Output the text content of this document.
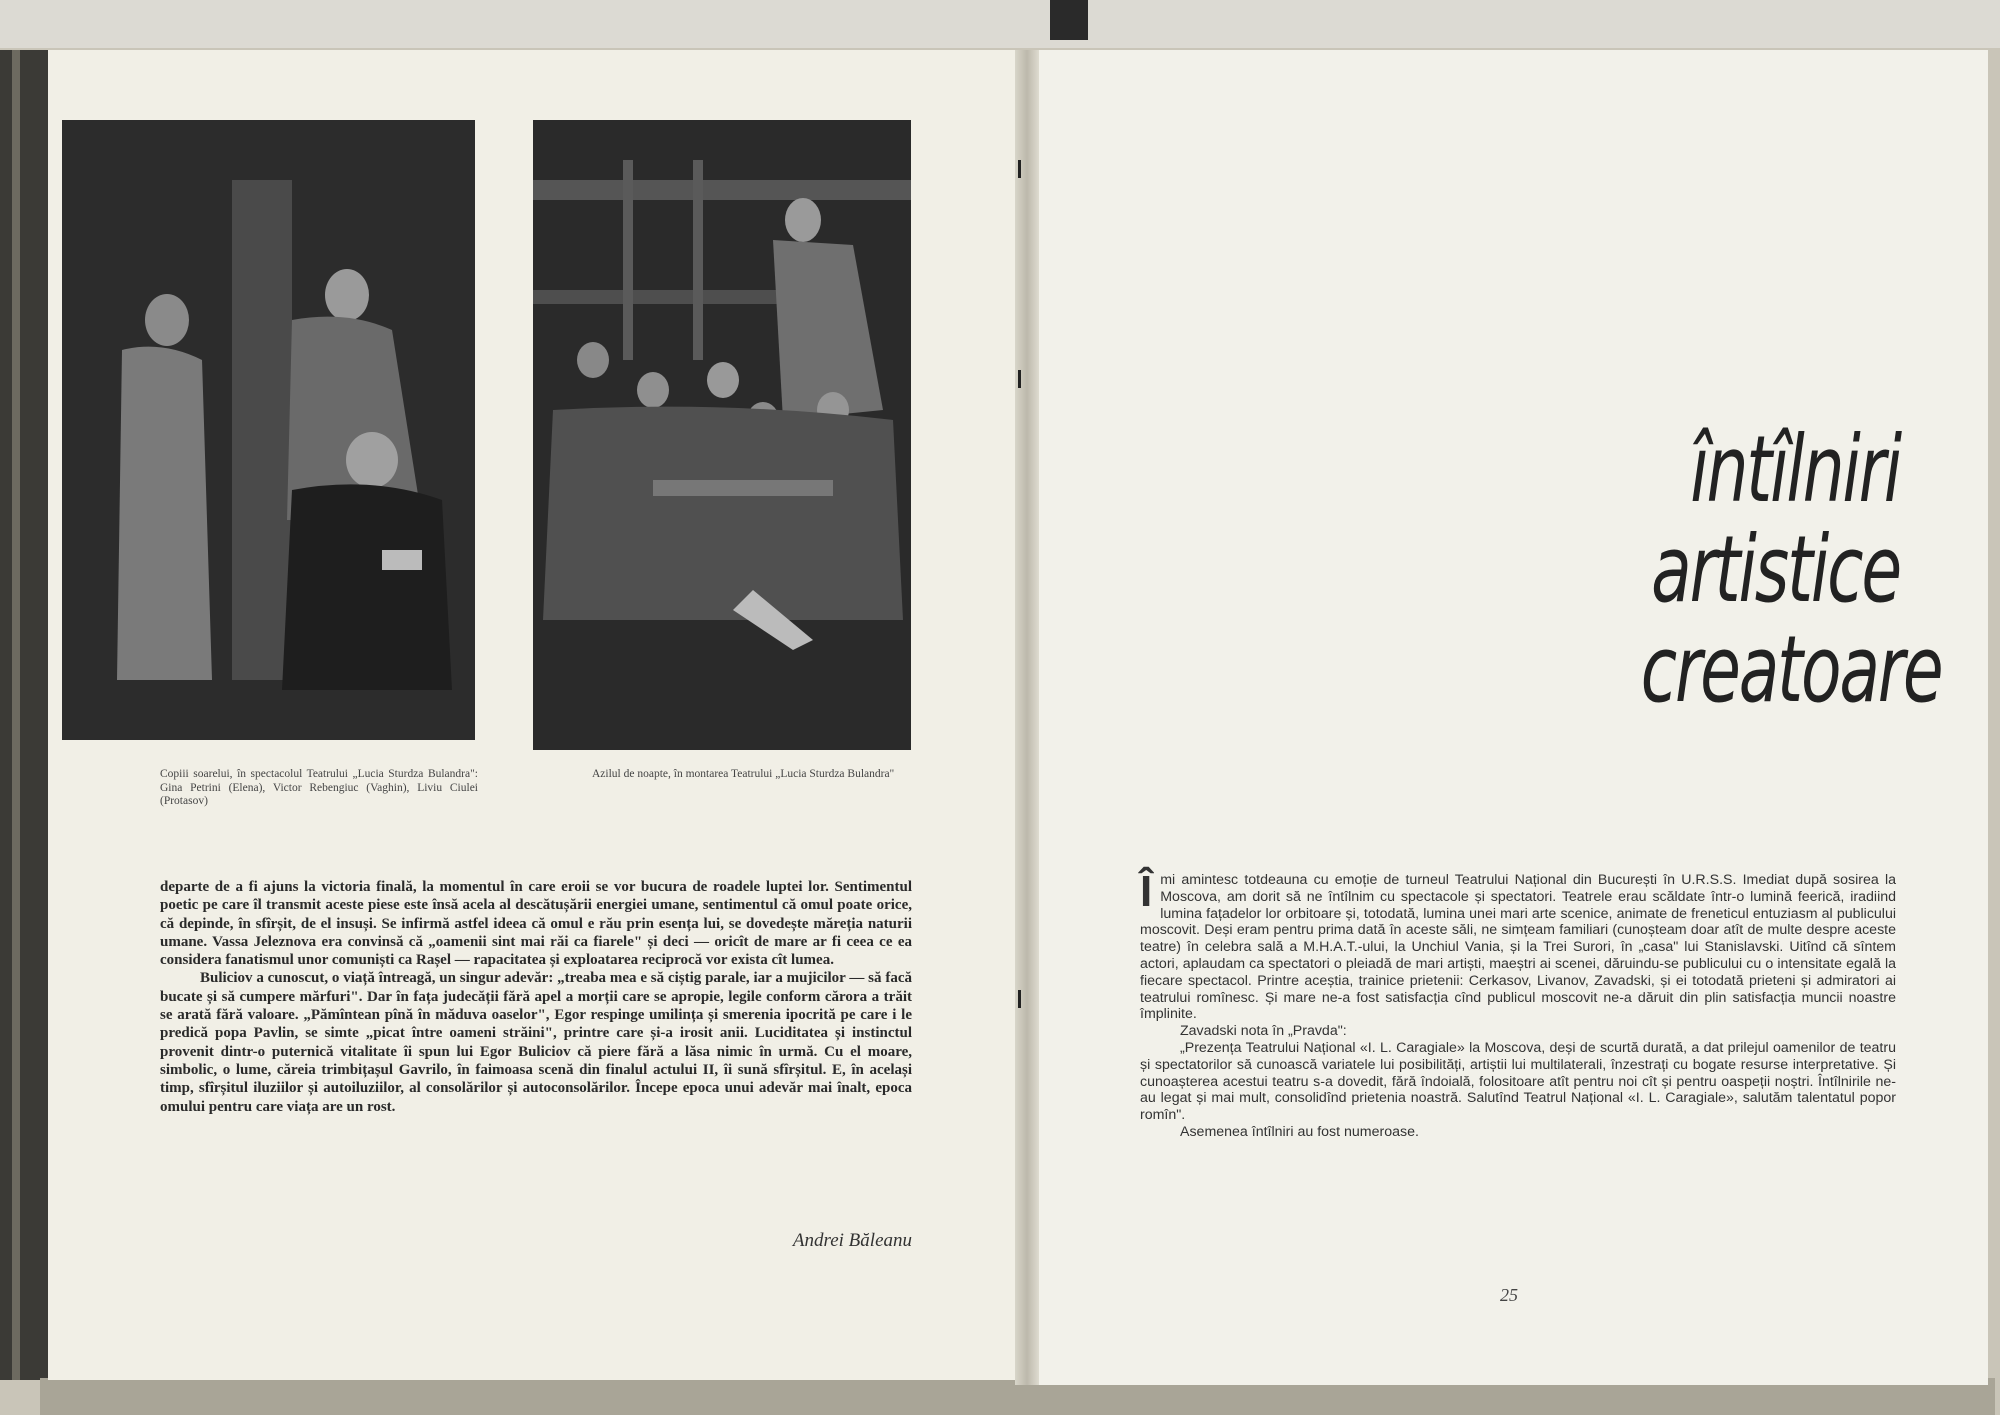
Copiii soarelui, în spectacolul Teatrului „Lucia Sturdza Bulandra": Gina Petrini (Elena), Victor Rebengiuc (Vaghin), Liviu Ciulei (Protasov)
Azilul de noapte, în montarea Teatrului „Lucia Sturdza Bulandra"

departe de a fi ajuns la victoria finală, la momentul în care eroii se vor bucura de roadele luptei lor. Sentimentul poetic pe care îl transmit aceste piese este însă acela al descătușării energiei umane, sentimentul că omul poate orice, că depinde, în sfîrșit, de el insuși. Se infirmă astfel ideea că omul e rău prin esența lui, se dovedește măreția naturii umane. Vassa Jeleznova era convinsă că „oamenii sint mai răi ca fiarele" și deci — oricît de mare ar fi ceea ce ea considera fanatismul unor comuniști ca Rașel — rapacitatea și exploatarea reciprocă vor exista cît lumea.

Buliciov a cunoscut, o viață întreagă, un singur adevăr: „treaba mea e să ciștig parale, iar a mujicilor — să facă bucate și să cumpere mărfuri". Dar în fața judecății fără apel a morții care se apropie, legile conform cărora a trăit se arată fără valoare. „Pămîntean pînă în măduva oaselor", Egor respinge umilința și smerenia ipocrită pe care i le predică popa Pavlin, se simte „picat între oameni străini", printre care și-a irosit anii. Luciditatea și instinctul provenit dintr-o puternică vitalitate îi spun lui Egor Buliciov că piere fără a lăsa nimic în urmă. Cu el moare, simbolic, o lume, căreia trimbițașul Gavrilo, în faimoasa scenă din finalul actului II, îi sună sfîrșitul. E, în același timp, sfîrșitul iluziilor și autoiluziilor, al consolărilor și autoconsolărilor. Începe epoca unui adevăr mai înalt, epoca omului pentru care viața are un rost.

Andrei Băleanu
întîlniri
artistice
creatoare

Îmi amintesc totdeauna cu emoție de turneul Teatrului Național din București în U.R.S.S. Imediat după sosirea la Moscova, am dorit să ne întîlnim cu spectacole și spectatori. Teatrele erau scăldate într-o lumină feerică, iradiind lumina fațadelor lor orbitoare și, totodată, lumina unei mari arte scenice, animate de freneticul entuziasm al publicului moscovit. Deși eram pentru prima dată în aceste săli, ne simțeam familiari (cunoșteam doar atît de multe despre aceste teatre) în celebra sală a M.H.A.T.-ului, la Unchiul Vania, și la Trei Surori, în „casa" lui Stanislavski. Uitînd că sîntem actori, aplaudam ca spectatori o pleiadă de mari artiști, maeștri ai scenei, dăruindu-se publicului cu o intensitate egală la fiecare spectacol. Printre aceștia, trainice prietenii: Cerkasov, Livanov, Zavadski, și ei totodată prieteni și admiratori ai teatrului romînesc. Și mare ne-a fost satisfacția cînd publicul moscovit ne-a dăruit din plin satisfacția muncii noastre împlinite.

Zavadski nota în „Pravda":

„Prezența Teatrului Național «I. L. Caragiale» la Moscova, deși de scurtă durată, a dat prilejul oamenilor de teatru și spectatorilor să cunoască variatele lui posibilități, artiștii lui multilaterali, înzestrați cu bogate resurse interpretative. Și cunoașterea acestui teatru s-a dovedit, fără îndoială, folositoare atît pentru noi cît și pentru oaspeții noștri. Întîlnirile ne-au legat și mai mult, consolidînd prietenia noastră. Salutînd Teatrul Național «I. L. Caragiale», salutăm talentatul popor romîn".

Asemenea întîlniri au fost numeroase.

25
